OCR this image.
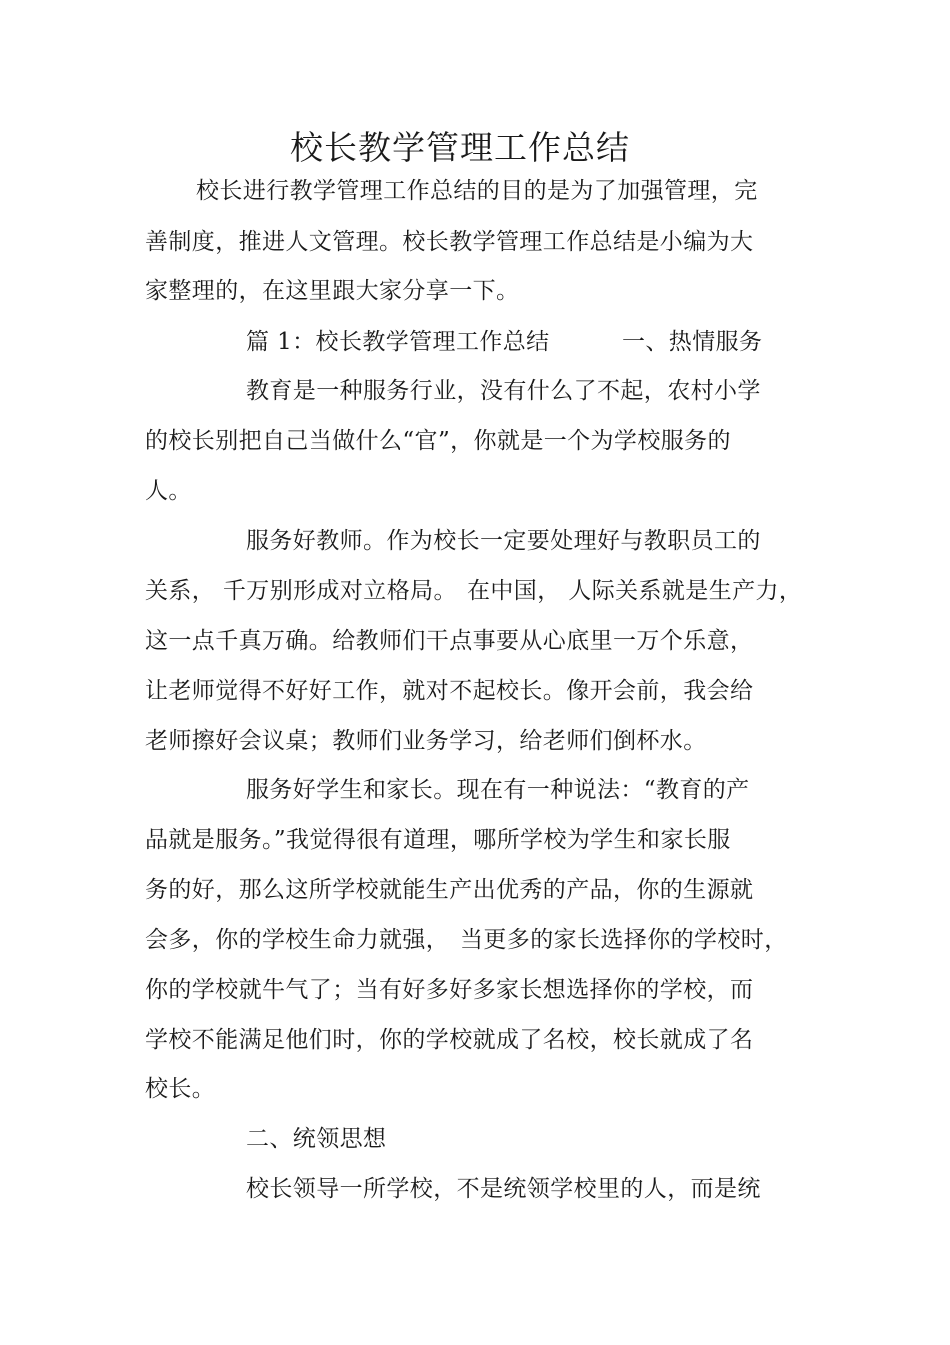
校长教学管理工作总结
校长进行教学管理工作总结的目的是为了加强管理，完
善制度，推进人文管理。校长教学管理工作总结是小编为大
家整理的，在这里跟大家分享一下。
篇 1：校长教学管理工作总结	一、热情服务
教育是一种服务行业，没有什么了不起，农村小学
的校长别把自己当做什么“官”，你就是一个为学校服务的
人。
服务好教师。作为校长一定要处理好与教职员工的
关系， 千万别形成对立格局。 在中国， 人际关系就是生产力，
这一点千真万确。给教师们干点事要从心底里一万个乐意，
让老师觉得不好好工作，就对不起校长。像开会前，我会给
老师擦好会议桌；教师们业务学习，给老师们倒杯水。
服务好学生和家长。现在有一种说法：“教育的产
品就是服务。”我觉得很有道理，哪所学校为学生和家长服
务的好，那么这所学校就能生产出优秀的产品，你的生源就
会多，你的学校生命力就强， 当更多的家长选择你的学校时，
你的学校就牛气了；当有好多好多家长想选择你的学校，而
学校不能满足他们时，你的学校就成了名校，校长就成了名
校长。
二、统领思想
校长领导一所学校，不是统领学校里的人，而是统
